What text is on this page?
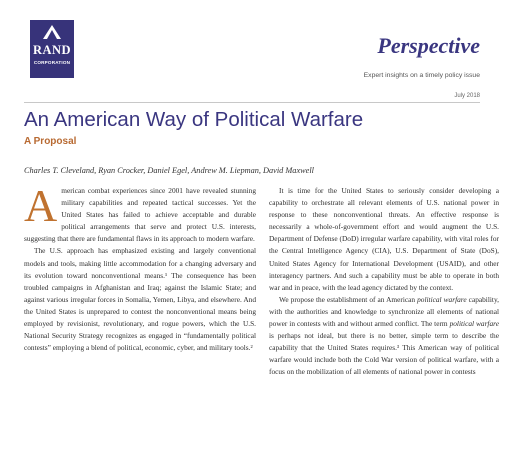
RAND
CORPORATION
Perspective
Expert insights on a timely policy issue
July 2018
An American Way of Political Warfare
A Proposal
Charles T. Cleveland, Ryan Crocker, Daniel Egel, Andrew M. Liepman, David Maxwell

American combat experiences since 2001 have revealed stunning military capabilities and repeated tactical successes. Yet the United States has failed to achieve acceptable and durable political arrangements that serve and protect U.S. interests, suggesting that there are fundamental flaws in its approach to modern warfare.

The U.S. approach has emphasized existing and largely conventional models and tools, making little accommodation for a changing adversary and its evolution toward nonconventional means.¹ The consequence has been troubled campaigns in Afghanistan and Iraq; against the Islamic State; and against various irregular forces in Somalia, Yemen, Libya, and elsewhere. And the United States is unprepared to contest the nonconventional means being employed by revisionist, revolutionary, and rogue powers, which the U.S. National Security Strategy recognizes as engaged in “fundamentally political contests” employing a blend of political, economic, cyber, and military tools.²

It is time for the United States to seriously consider developing a capability to orchestrate all relevant elements of U.S. national power in response to these nonconventional threats. An effective response is necessarily a whole-of-government effort and would augment the U.S. Department of Defense (DoD) irregular warfare capability, with vital roles for the Central Intelligence Agency (CIA), U.S. Department of State (DoS), United States Agency for International Development (USAID), and other interagency partners. And such a capability must be able to operate in both war and in peace, with the lead agency dictated by the context.

We propose the establishment of an American political warfare capability, with the authorities and knowledge to synchronize all elements of national power in contests with and without armed conflict. The term political warfare is perhaps not ideal, but there is no better, simple term to describe the capability that the United States requires.³ This American way of political warfare would include both the Cold War version of political warfare, with a focus on the mobilization of all elements of national power in contests
